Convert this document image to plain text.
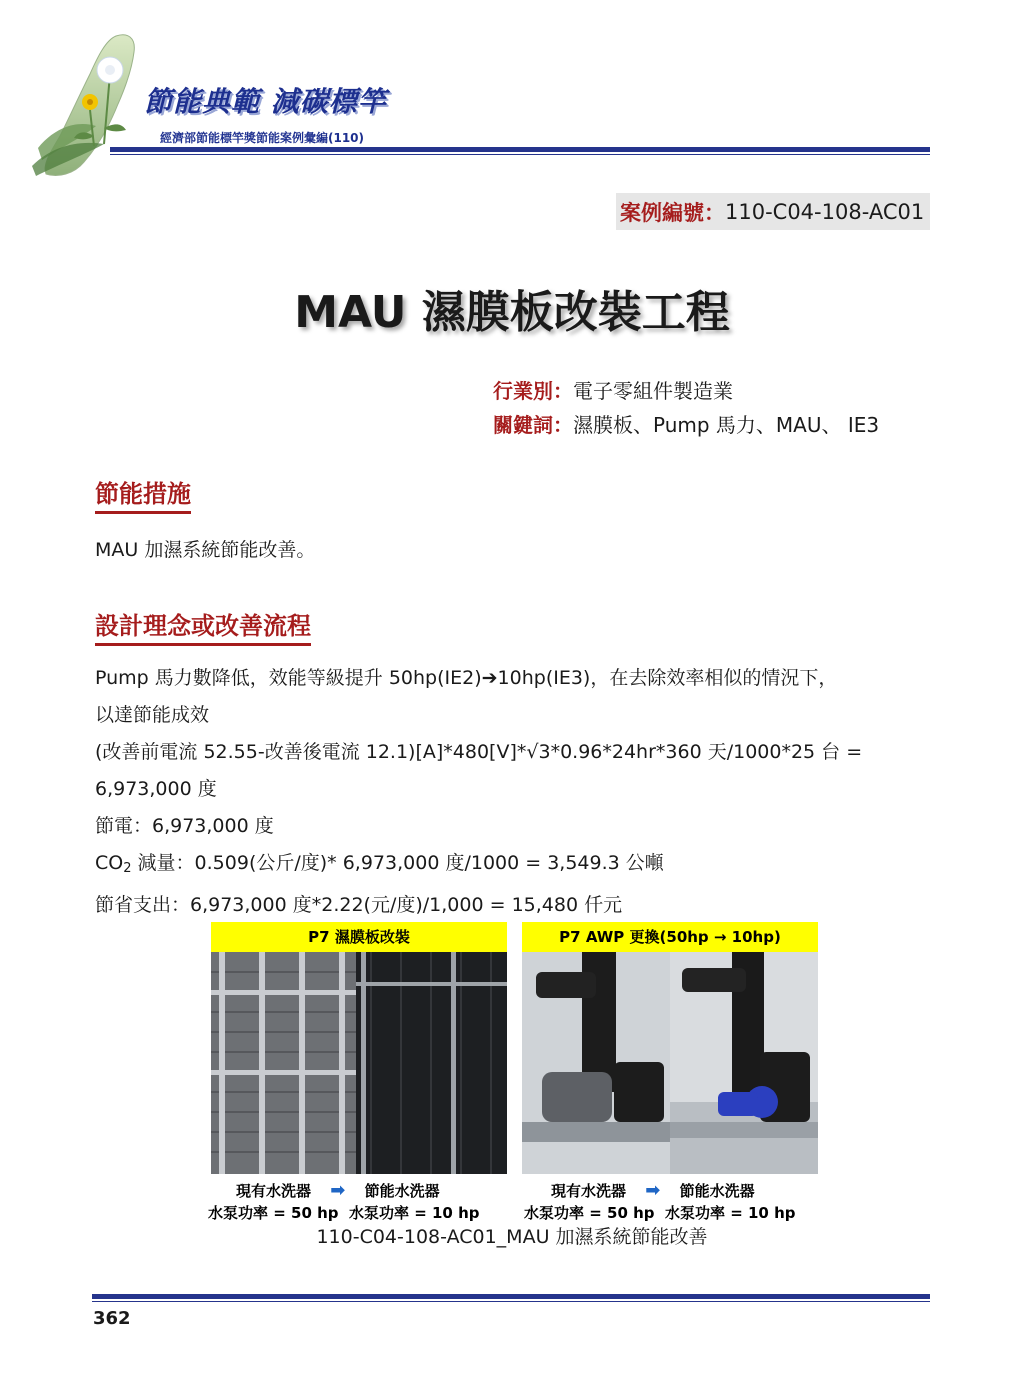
節能典範 減碳標竿
經濟部節能標竿獎節能案例彙編(110)
案例編號： 110-C04-108-AC01
MAU 濕膜板改裝工程
行業別：電子零組件製造業
關鍵詞：濕膜板、Pump 馬力、MAU、 IE3
節能措施
MAU 加濕系統節能改善。
設計理念或改善流程
Pump 馬力數降低，效能等級提升 50hp(IE2)➔10hp(IE3)，在去除效率相似的情況下，
以達節能成效
(改善前電流 52.55-改善後電流 12.1)[A]*480[V]*√3*0.96*24hr*360 天/1000*25 台 =
6,973,000 度
節電：6,973,000 度
$CO_2$ 減量：0.509(公斤/度)* 6,973,000 度/1000 = 3,549.3 公噸
節省支出：6,973,000 度*2.22(元/度)/1,000 = 15,480 仟元
P7 濕膜板改裝
現有水洗器 ➡ 節能水洗器
水泵功率 = 50 hp 水泵功率 = 10 hp
P7 AWP 更換(50hp → 10hp)
現有水洗器 ➡ 節能水洗器
水泵功率 = 50 hp 水泵功率 = 10 hp
110-C04-108-AC01_MAU 加濕系統節能改善
362
